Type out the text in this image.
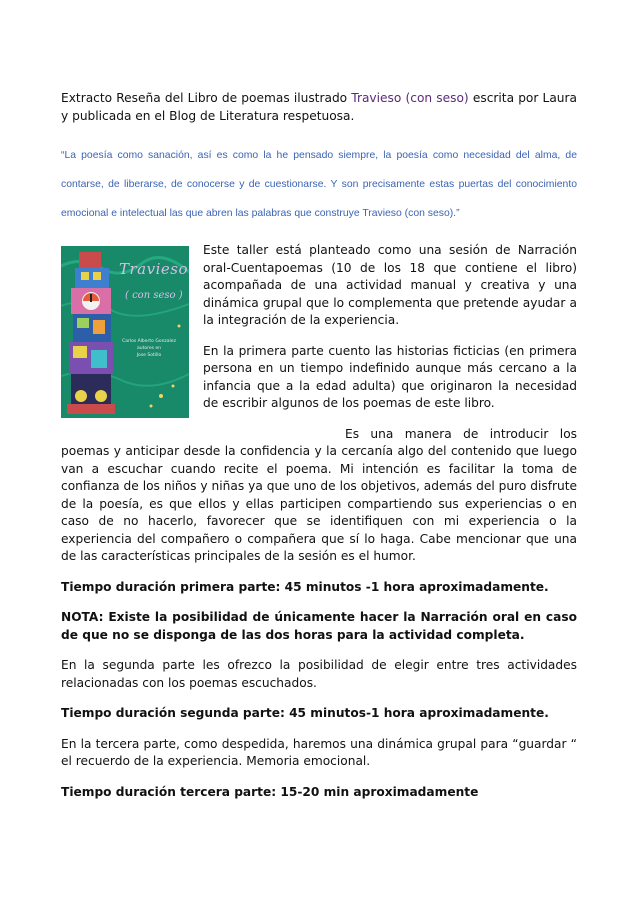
Extracto Reseña del Libro de poemas ilustrado Travieso (con seso) escrita por Laura y publicada en el Blog de Literatura respetuosa.

“La poesía como sanación, así es como la he pensado siempre, la poesía como necesidad del alma, de contarse, de liberarse, de conocerse y de cuestionarse. Y son precisamente estas puertas del conocimiento emocional e intelectual las que abren las palabras que construye Travieso (con seso).”

Travieso
( con seso )
Carlos Alberto Gonzalez
autores en
Jose Sotillo

Este taller está planteado como una sesión de Narración oral-Cuentapoemas (10 de los 18 que contiene el libro) acompañada de una actividad manual y creativa y una dinámica grupal que lo complementa que pretende ayudar a la integración de la experiencia.

En la primera parte cuento las historias ficticias (en primera persona en un tiempo indefinido aunque más cercano a la infancia que a la edad adulta) que originaron la necesidad de escribir algunos de los poemas de este libro.

Es una manera de introducir los poemas y anticipar desde la confidencia y la cercanía algo del contenido que luego van a escuchar cuando recite el poema. Mi intención es facilitar la toma de confianza de los niños y niñas ya que uno de los objetivos, además del puro disfrute de la poesía, es que ellos y ellas participen compartiendo sus experiencias o en caso de no hacerlo, favorecer que se identifiquen con mi experiencia o la experiencia del compañero o compañera que sí lo haga. Cabe mencionar que una de las características principales de la sesión es el humor.

Tiempo duración primera parte: 45 minutos -1 hora aproximadamente.

NOTA: Existe la posibilidad de únicamente hacer la Narración oral en caso de que no se disponga de las dos horas para la actividad completa.

En la segunda parte les ofrezco la posibilidad de elegir entre tres actividades relacionadas con los poemas escuchados.

Tiempo duración segunda parte: 45 minutos-1 hora aproximadamente.

En la tercera parte, como despedida, haremos una dinámica grupal para “guardar “ el recuerdo de la experiencia. Memoria emocional.

Tiempo duración tercera parte: 15-20 min aproximadamente
